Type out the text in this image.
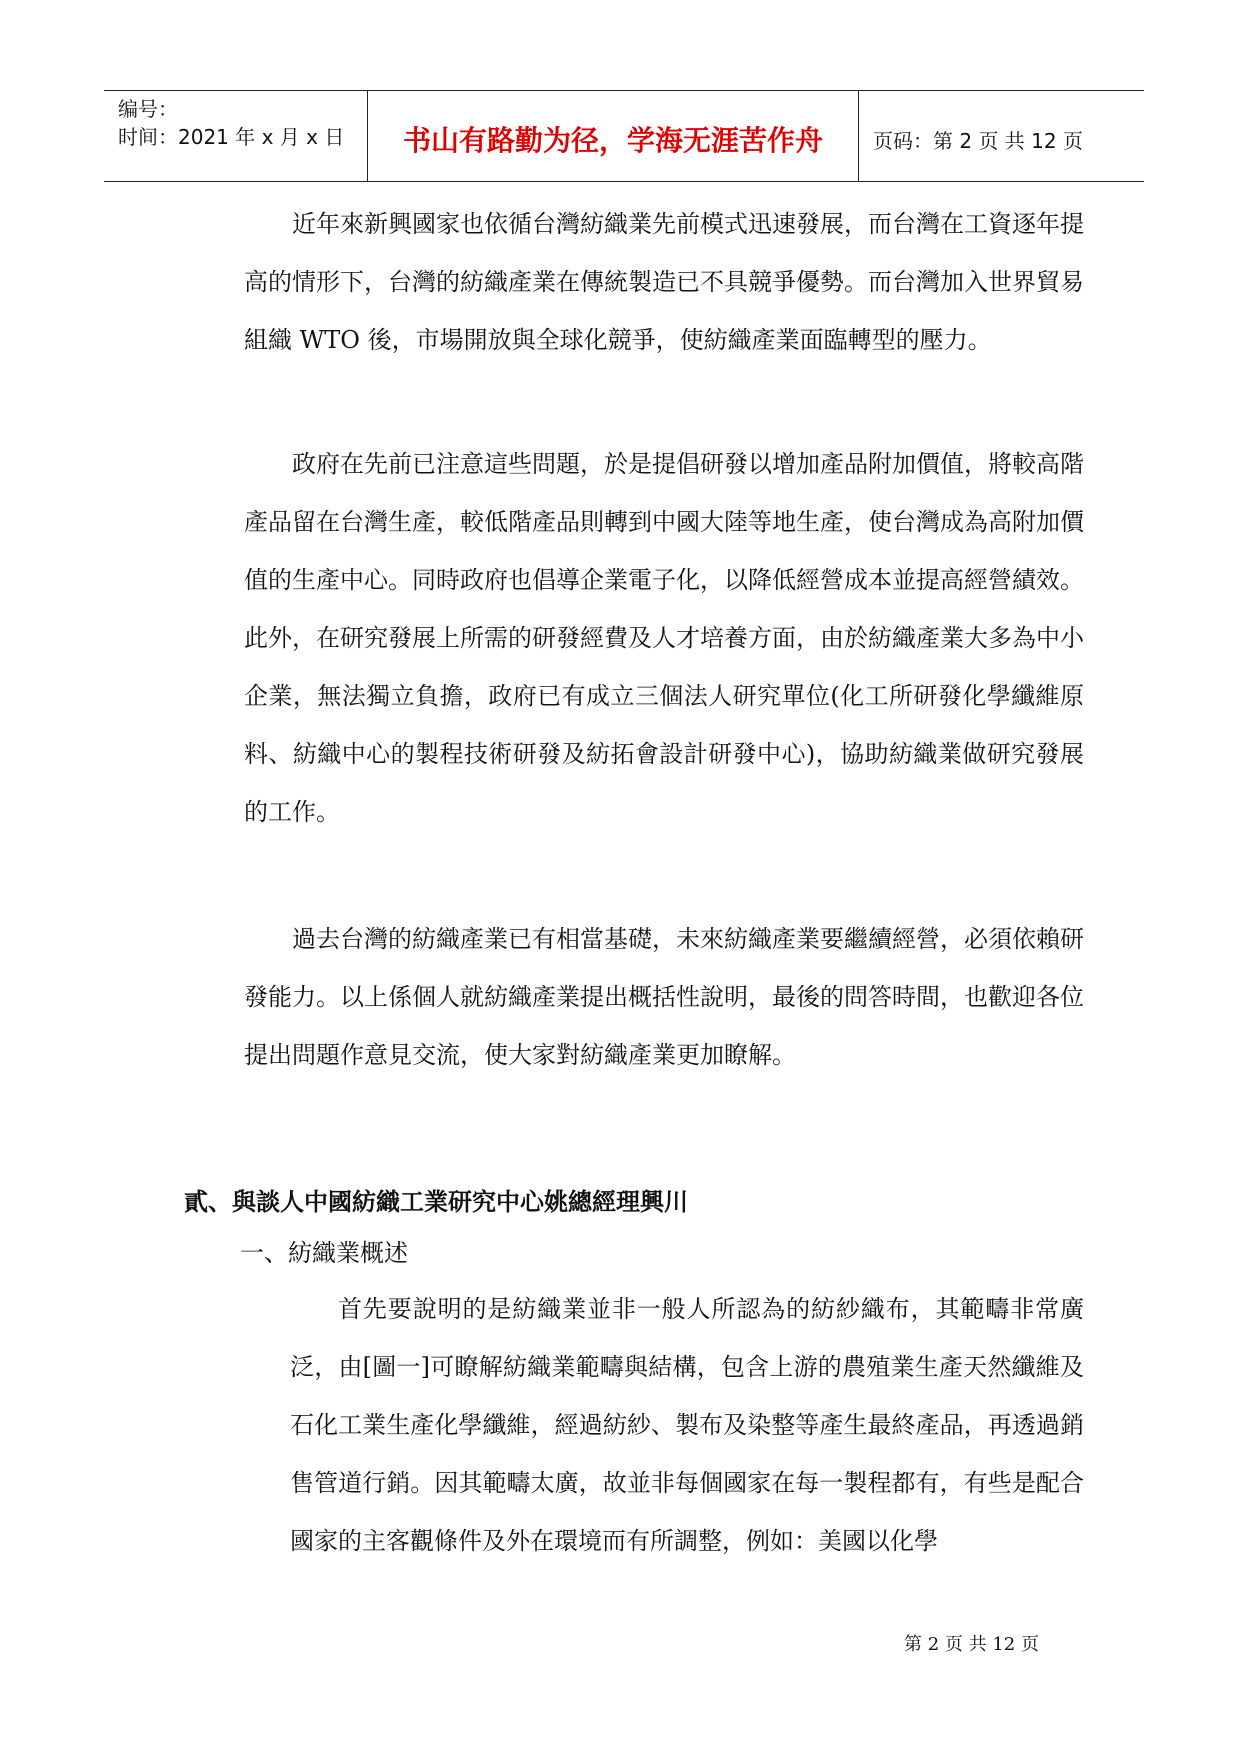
编号：
时间：2021 年 x 月 x 日	书山有路勤为径，学海无涯苦作舟	页码：第 2 页 共 12 页

近年來新興國家也依循台灣紡織業先前模式迅速發展，而台灣在工資逐年提高的情形下，台灣的紡織產業在傳統製造已不具競爭優勢。而台灣加入世界貿易組織 WTO 後，市場開放與全球化競爭，使紡織產業面臨轉型的壓力。

政府在先前已注意這些問題，於是提倡研發以增加產品附加價值，將較高階產品留在台灣生產，較低階產品則轉到中國大陸等地生產，使台灣成為高附加價值的生產中心。同時政府也倡導企業電子化，以降低經營成本並提高經營績效。此外，在研究發展上所需的研發經費及人才培養方面，由於紡織產業大多為中小企業，無法獨立負擔，政府已有成立三個法人研究單位(化工所研發化學纖維原料、紡織中心的製程技術研發及紡拓會設計研發中心)，協助紡織業做研究發展的工作。

過去台灣的紡織產業已有相當基礎，未來紡織產業要繼續經營，必須依賴研發能力。以上係個人就紡織產業提出概括性說明，最後的問答時間，也歡迎各位提出問題作意見交流，使大家對紡織產業更加瞭解。

貳、與談人中國紡織工業研究中心姚總經理興川
一、紡織業概述

首先要說明的是紡織業並非一般人所認為的紡紗織布，其範疇非常廣泛，由[圖一]可瞭解紡織業範疇與結構，包含上游的農殖業生產天然纖維及石化工業生產化學纖維，經過紡紗、製布及染整等產生最終產品，再透過銷售管道行銷。因其範疇太廣，故並非每個國家在每一製程都有，有些是配合國家的主客觀條件及外在環境而有所調整，例如：美國以化學

第 2 页 共 12 页
